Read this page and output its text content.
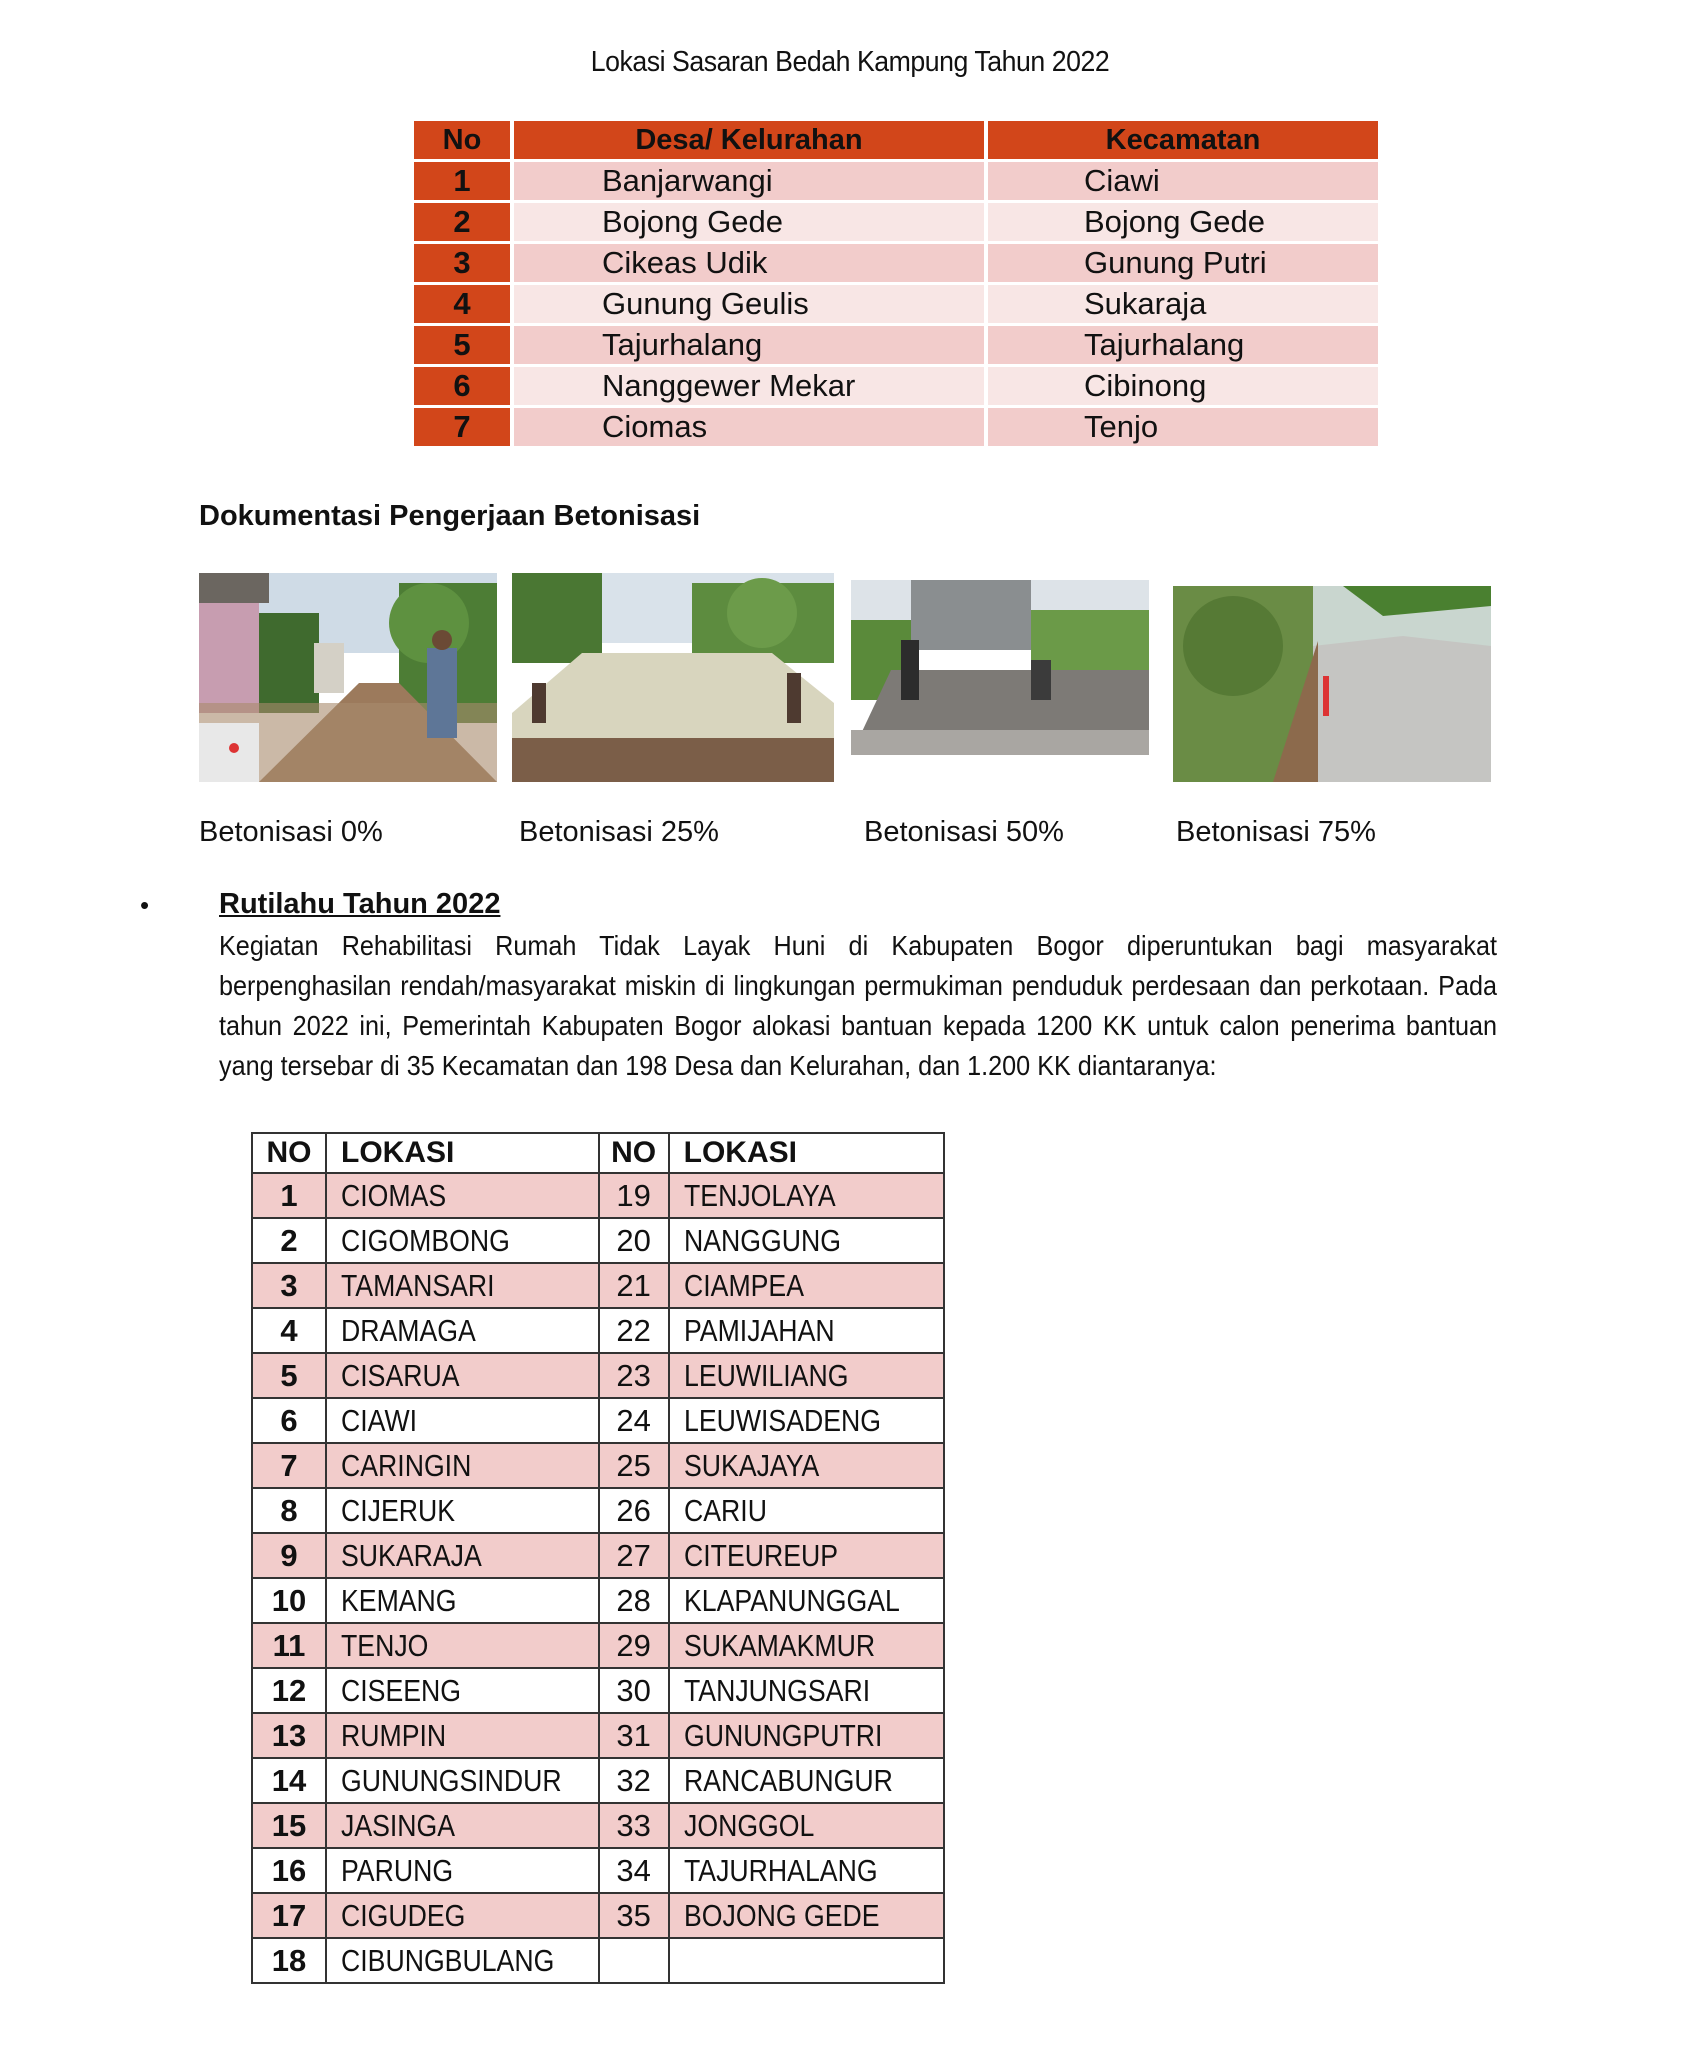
Lokasi Sasaran Bedah Kampung Tahun 2022
No	Desa/ Kelurahan	Kecamatan
1	Banjarwangi	Ciawi
2	Bojong Gede	Bojong Gede
3	Cikeas Udik	Gunung Putri
4	Gunung Geulis	Sukaraja
5	Tajurhalang	Tajurhalang
6	Nanggewer Mekar	Cibinong
7	Ciomas	Tenjo
Dokumentasi Pengerjaan Betonisasi
Betonisasi 0%	Betonisasi 25%	Betonisasi 50%	Betonisasi 75%
• Rutilahu Tahun 2022
Kegiatan Rehabilitasi Rumah Tidak Layak Huni di Kabupaten Bogor diperuntukan bagi masyarakat berpenghasilan rendah/masyarakat miskin di lingkungan permukiman penduduk perdesaan dan perkotaan. Pada tahun 2022 ini, Pemerintah Kabupaten Bogor alokasi bantuan kepada 1200 KK untuk calon penerima bantuan yang tersebar di 35 Kecamatan dan 198 Desa dan Kelurahan, dan 1.200 KK diantaranya:
NO	LOKASI	NO	LOKASI
1	CIOMAS	19	TENJOLAYA
2	CIGOMBONG	20	NANGGUNG
3	TAMANSARI	21	CIAMPEA
4	DRAMAGA	22	PAMIJAHAN
5	CISARUA	23	LEUWILIANG
6	CIAWI	24	LEUWISADENG
7	CARINGIN	25	SUKAJAYA
8	CIJERUK	26	CARIU
9	SUKARAJA	27	CITEUREUP
10	KEMANG	28	KLAPANUNGGAL
11	TENJO	29	SUKAMAKMUR
12	CISEENG	30	TANJUNGSARI
13	RUMPIN	31	GUNUNGPUTRI
14	GUNUNGSINDUR	32	RANCABUNGUR
15	JASINGA	33	JONGGOL
16	PARUNG	34	TAJURHALANG
17	CIGUDEG	35	BOJONG GEDE
18	CIBUNGBULANG		
